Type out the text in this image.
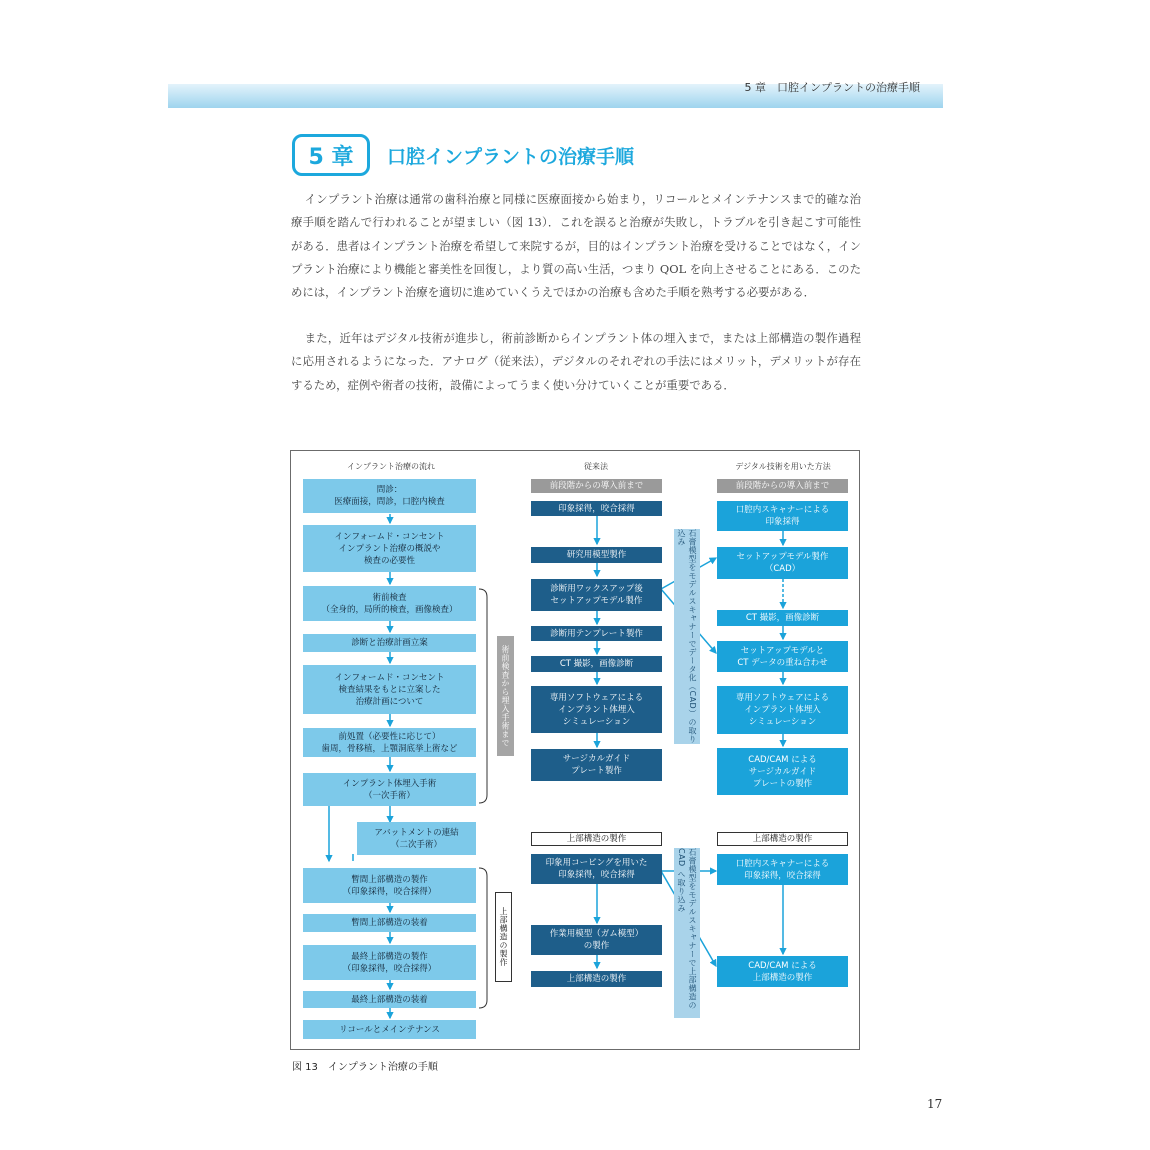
5 章　口腔インプラントの治療手順
5 章	口腔インプラントの治療手順

インプラント治療は通常の歯科治療と同様に医療面接から始まり，リコールとメインテナンスまで的確な治療手順を踏んで行われることが望ましい（図 13）．これを誤ると治療が失敗し，トラブルを引き起こす可能性がある．患者はインプラント治療を希望して来院するが，目的はインプラント治療を受けることではなく，インプラント治療により機能と審美性を回復し，より質の高い生活，つまり QOL を向上させることにある．このためには，インプラント治療を適切に進めていくうえでほかの治療も含めた手順を熟考する必要がある．

また，近年はデジタル技術が進歩し，術前診断からインプラント体の埋入まで，または上部構造の製作過程に応用されるようになった．アナログ（従来法），デジタルのそれぞれの手法にはメリット，デメリットが存在するため，症例や術者の技術，設備によってうまく使い分けていくことが重要である．

インプラント治療の流れ	従来法	デジタル技術を用いた方法
問診：
医療面接，問診，口腔内検査
インフォームド・コンセント
インプラント治療の概説や
検査の必要性
術前検査
（全身的，局所的検査，画像検査）
診断と治療計画立案
インフォームド・コンセント
検査結果をもとに立案した
治療計画について
前処置（必要性に応じて）
歯周，骨移植，上顎洞底挙上術など
インプラント体埋入手術
（一次手術）
アバットメントの連結
（二次手術）
暫間上部構造の製作
（印象採得，咬合採得）
暫間上部構造の装着
最終上部構造の製作
（印象採得，咬合採得）
最終上部構造の装着
リコールとメインテナンス
術前検査から埋入手術まで
上部構造の製作
前段階からの導入前まで
印象採得，咬合採得
研究用模型製作
診断用ワックスアップ後
セットアップモデル製作
診断用テンプレート製作
CT 撮影，画像診断
専用ソフトウェアによる
インプラント体埋入
シミュレーション
サージカルガイド
プレート製作
上部構造の製作
印象用コーピングを用いた
印象採得，咬合採得
作業用模型（ガム模型）
の製作
上部構造の製作
石膏模型をモデルスキャナーでデータ化（CAD）の取り込み
石膏模型をモデルスキャナーで上部構造の CAD へ取り込み
前段階からの導入前まで
口腔内スキャナーによる
印象採得
セットアップモデル製作
（CAD）
CT 撮影，画像診断
セットアップモデルと
CT データの重ね合わせ
専用ソフトウェアによる
インプラント体埋入
シミュレーション
CAD/CAM による
サージカルガイド
プレートの製作
上部構造の製作
口腔内スキャナーによる
印象採得，咬合採得
CAD/CAM による
上部構造の製作
図 13　インプラント治療の手順
17
